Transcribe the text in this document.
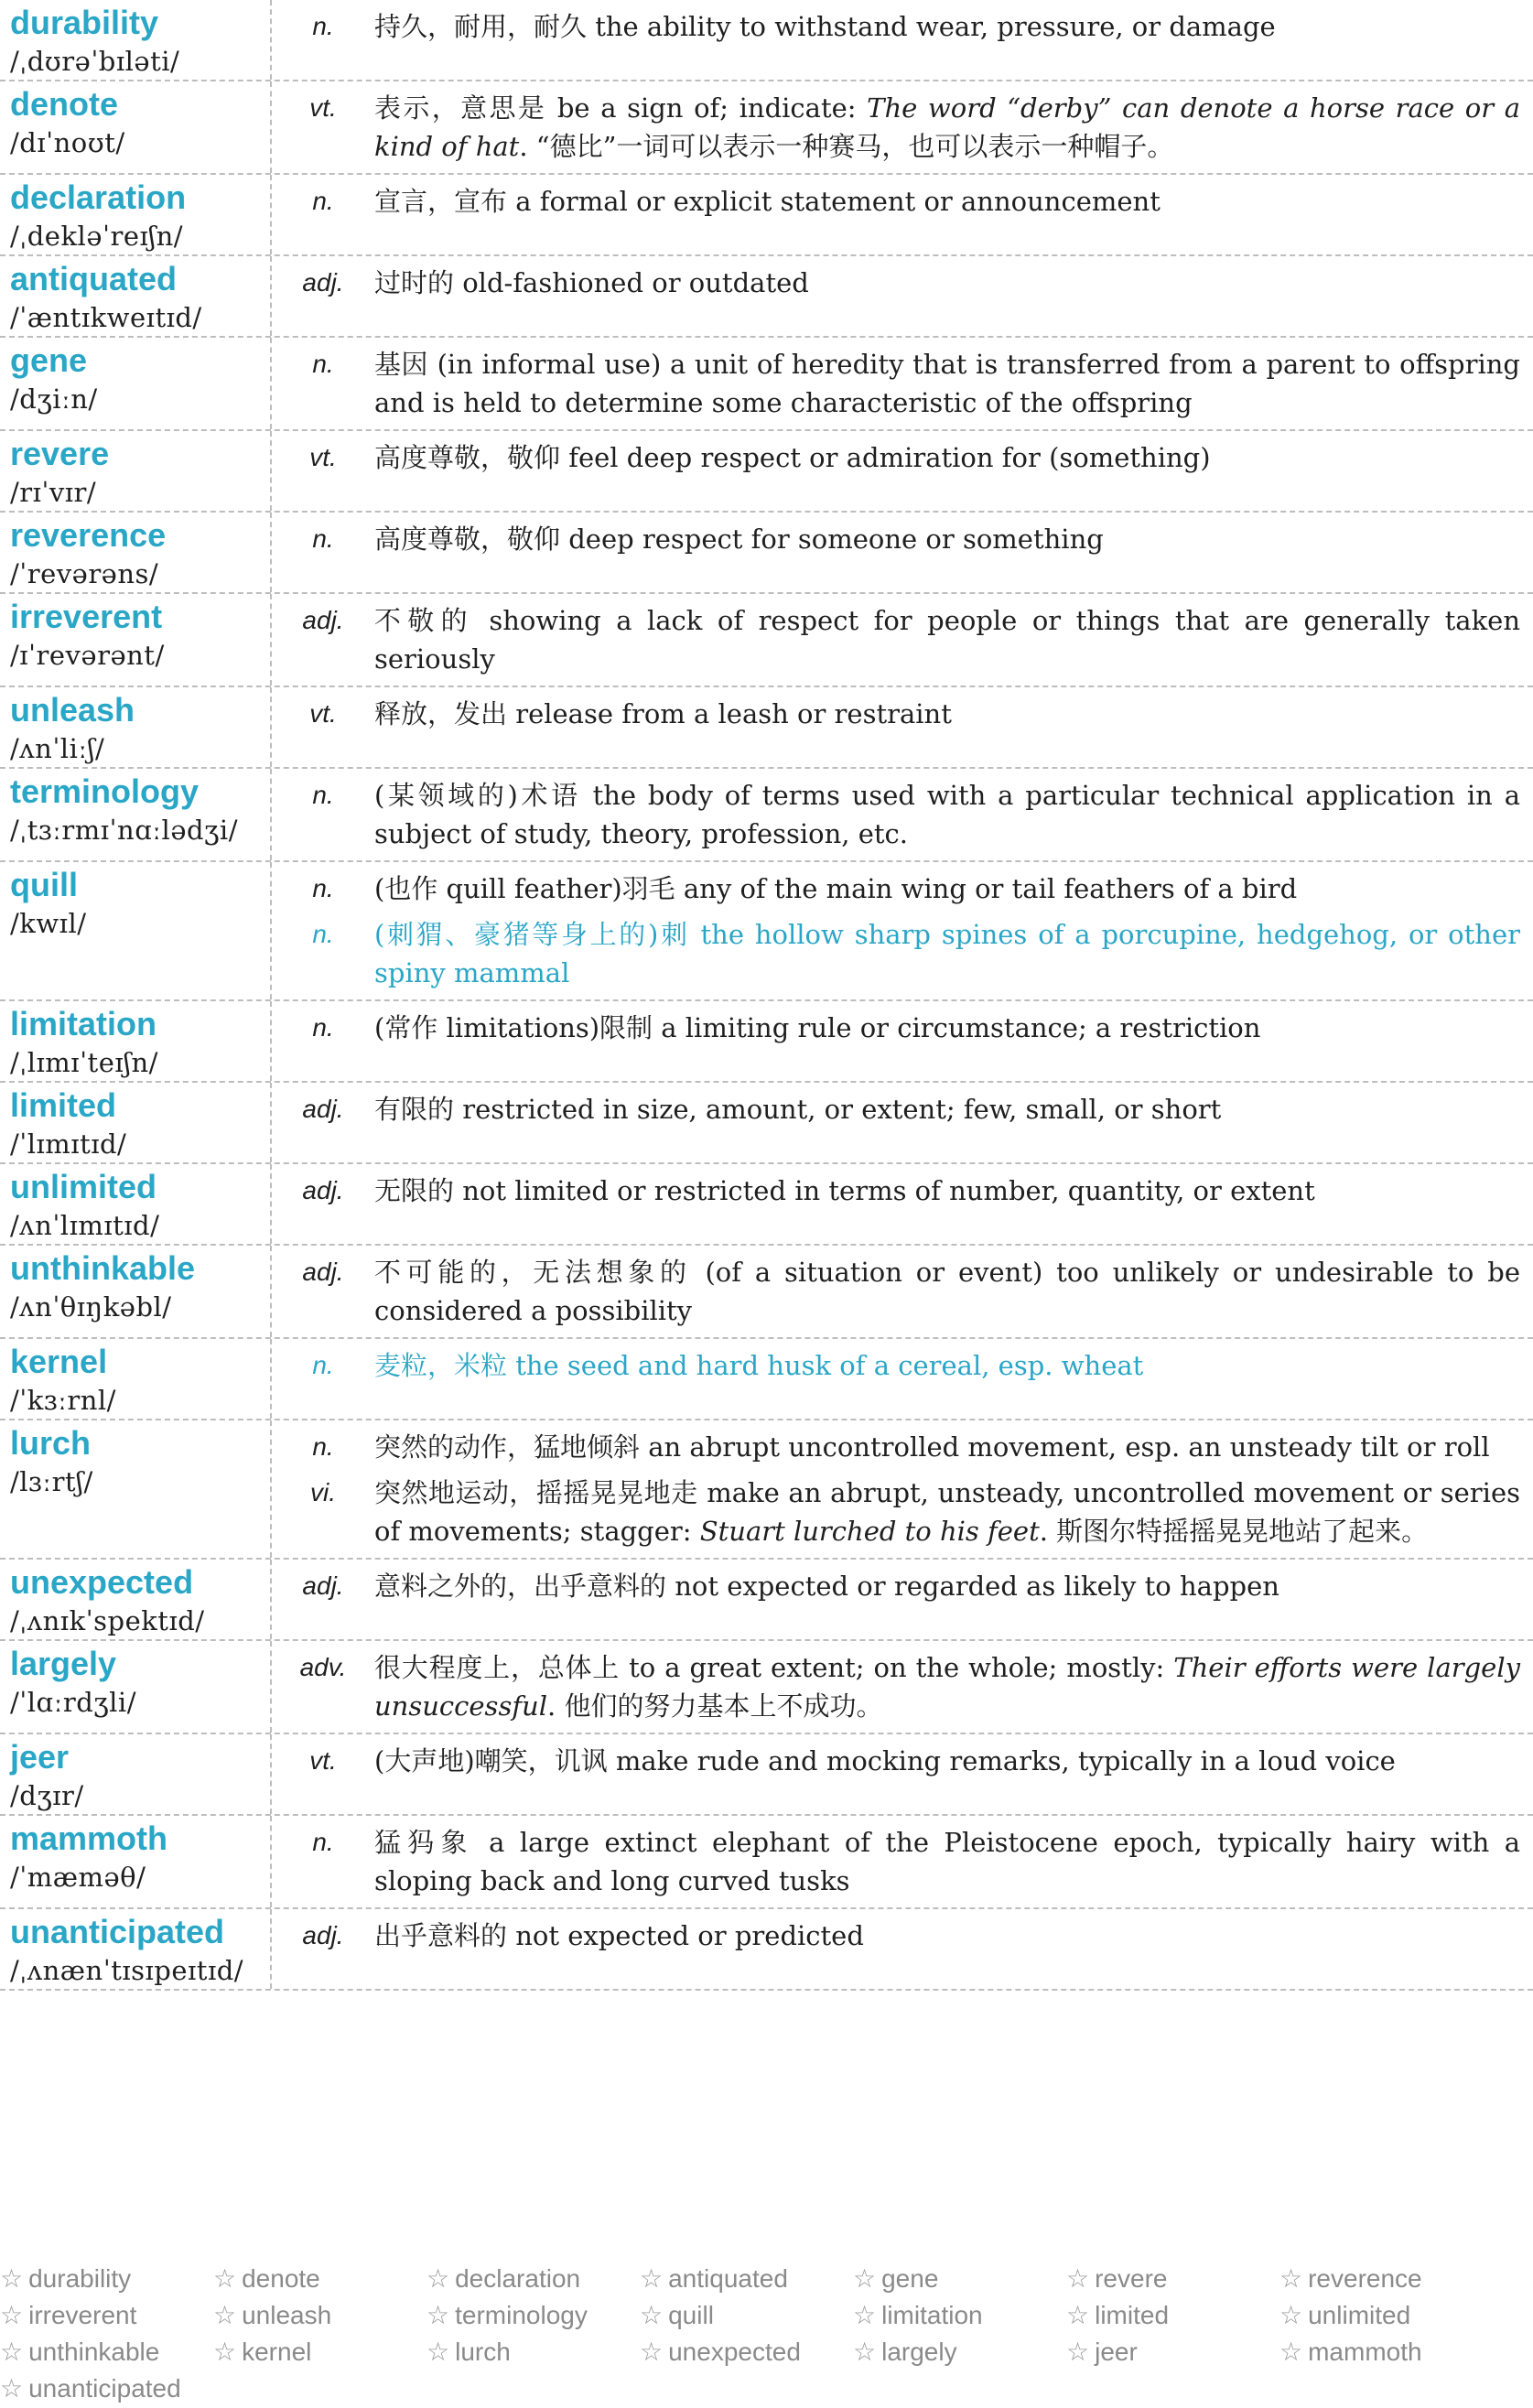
durability
/ˌdʊrəˈbɪləti/
n.	持久，耐用，耐久 the ability to withstand wear, pressure, or damage
denote
/dɪˈnoʊt/
vt.	表示，意思是 be a sign of; indicate: The word “derby” can denote a horse race or a kind of hat. “德比”一词可以表示一种赛马，也可以表示一种帽子。
declaration
/ˌdekləˈreɪʃn/
n.	宣言，宣布 a formal or explicit statement or announcement
antiquated
/ˈæntɪkweɪtɪd/
adj.	过时的 old-fashioned or outdated
gene
/dʒiːn/
n.	基因 (in informal use) a unit of heredity that is transferred from a parent to offspring and is held to determine some characteristic of the offspring
revere
/rɪˈvɪr/
vt.	高度尊敬，敬仰 feel deep respect or admiration for (something)
reverence
/ˈrevərəns/
n.	高度尊敬，敬仰 deep respect for someone or something
irreverent
/ɪˈrevərənt/
adj.	不敬的 showing a lack of respect for people or things that are generally taken seriously
unleash
/ʌnˈliːʃ/
vt.	释放，发出 release from a leash or restraint
terminology
/ˌtɜːrmɪˈnɑːlədʒi/
n.	(某领域的)术语 the body of terms used with a particular technical application in a subject of study, theory, profession, etc.
quill
/kwɪl/
n.	(也作 quill feather)羽毛 any of the main wing or tail feathers of a bird
n.	(刺猬、豪猪等身上的)刺 the hollow sharp spines of a porcupine, hedgehog, or other spiny mammal
limitation
/ˌlɪmɪˈteɪʃn/
n.	(常作 limitations)限制 a limiting rule or circumstance; a restriction
limited
/ˈlɪmɪtɪd/
adj.	有限的 restricted in size, amount, or extent; few, small, or short
unlimited
/ʌnˈlɪmɪtɪd/
adj.	无限的 not limited or restricted in terms of number, quantity, or extent
unthinkable
/ʌnˈθɪŋkəbl/
adj.	不可能的，无法想象的 (of a situation or event) too unlikely or undesirable to be considered a possibility
kernel
/ˈkɜːrnl/
n.	麦粒，米粒 the seed and hard husk of a cereal, esp. wheat
lurch
/lɜːrtʃ/
n.	突然的动作，猛地倾斜 an abrupt uncontrolled movement, esp. an unsteady tilt or roll
vi.	突然地运动，摇摇晃晃地走 make an abrupt, unsteady, uncontrolled movement or series of movements; stagger: Stuart lurched to his feet. 斯图尔特摇摇晃晃地站了起来。
unexpected
/ˌʌnɪkˈspektɪd/
adj.	意料之外的，出乎意料的 not expected or regarded as likely to happen
largely
/ˈlɑːrdʒli/
adv.	很大程度上，总体上 to a great extent; on the whole; mostly: Their efforts were largely unsuccessful. 他们的努力基本上不成功。
jeer
/dʒɪr/
vt.	(大声地)嘲笑，讥讽 make rude and mocking remarks, typically in a loud voice
mammoth
/ˈmæməθ/
n.	猛犸象 a large extinct elephant of the Pleistocene epoch, typically hairy with a sloping back and long curved tusks
unanticipated
/ˌʌnænˈtɪsɪpeɪtɪd/
adj.	出乎意料的 not expected or predicted
☆ durability	☆ denote	☆ declaration	☆ antiquated	☆ gene	☆ revere	☆ reverence
☆ irreverent	☆ unleash	☆ terminology	☆ quill	☆ limitation	☆ limited	☆ unlimited
☆ unthinkable	☆ kernel	☆ lurch	☆ unexpected	☆ largely	☆ jeer	☆ mammoth
☆ unanticipated
